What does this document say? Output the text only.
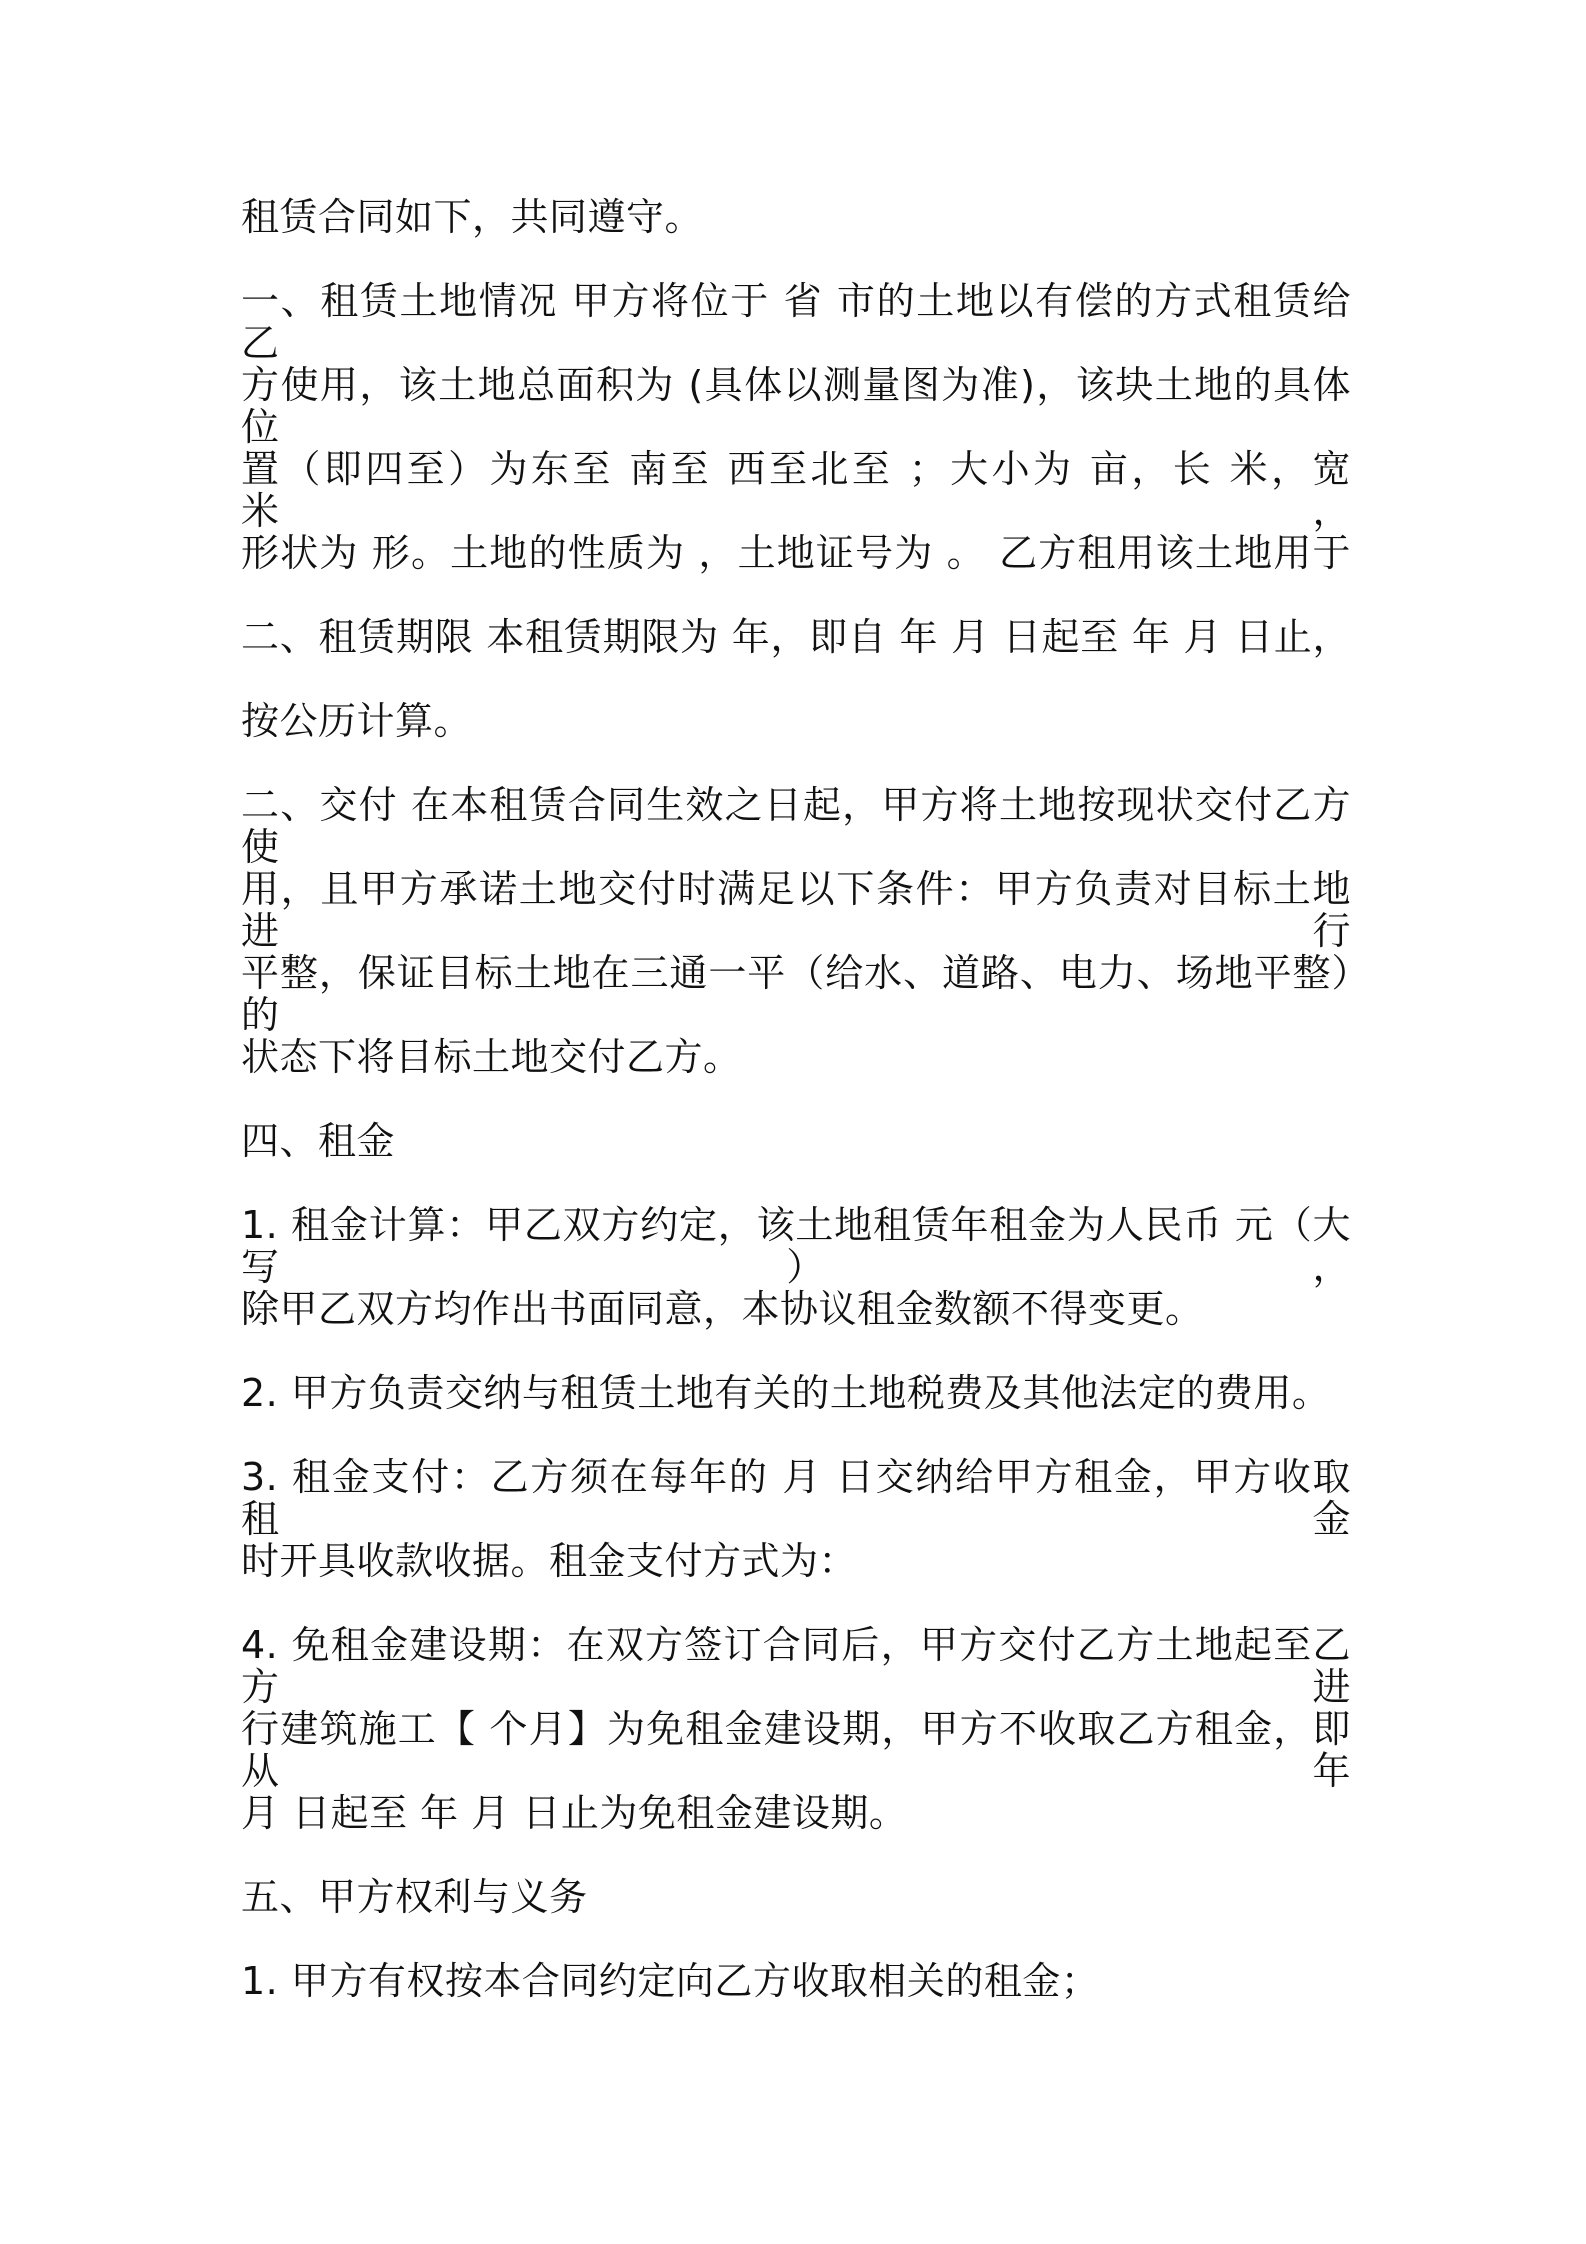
租赁合同如下，共同遵守。
一、租赁土地情况 甲方将位于 省 市的土地以有偿的方式租赁给乙
方使用，该土地总面积为 (具体以测量图为准)，该块土地的具体位
置（即四至）为东至 南至 西至北至 ；大小为 亩，长 米，宽 米，
形状为 形。土地的性质为 ，土地证号为 。 乙方租用该土地用于
二、租赁期限 本租赁期限为 年，即自 年 月 日起至 年 月 日止，
按公历计算。
二、交付 在本租赁合同生效之日起，甲方将土地按现状交付乙方使
用，且甲方承诺土地交付时满足以下条件：甲方负责对目标土地进行
平整，保证目标土地在三通一平（给水、道路、电力、场地平整）的
状态下将目标土地交付乙方。
四、租金
1. 租金计算：甲乙双方约定，该土地租赁年租金为人民币 元（大写），
除甲乙双方均作出书面同意，本协议租金数额不得变更。
2. 甲方负责交纳与租赁土地有关的土地税费及其他法定的费用。
3. 租金支付：乙方须在每年的 月 日交纳给甲方租金，甲方收取租金
时开具收款收据。租金支付方式为：
4. 免租金建设期：在双方签订合同后，甲方交付乙方土地起至乙方进
行建筑施工【 个月】为免租金建设期，甲方不收取乙方租金，即从 年
月 日起至 年 月 日止为免租金建设期。
五、甲方权利与义务
1. 甲方有权按本合同约定向乙方收取相关的租金；
